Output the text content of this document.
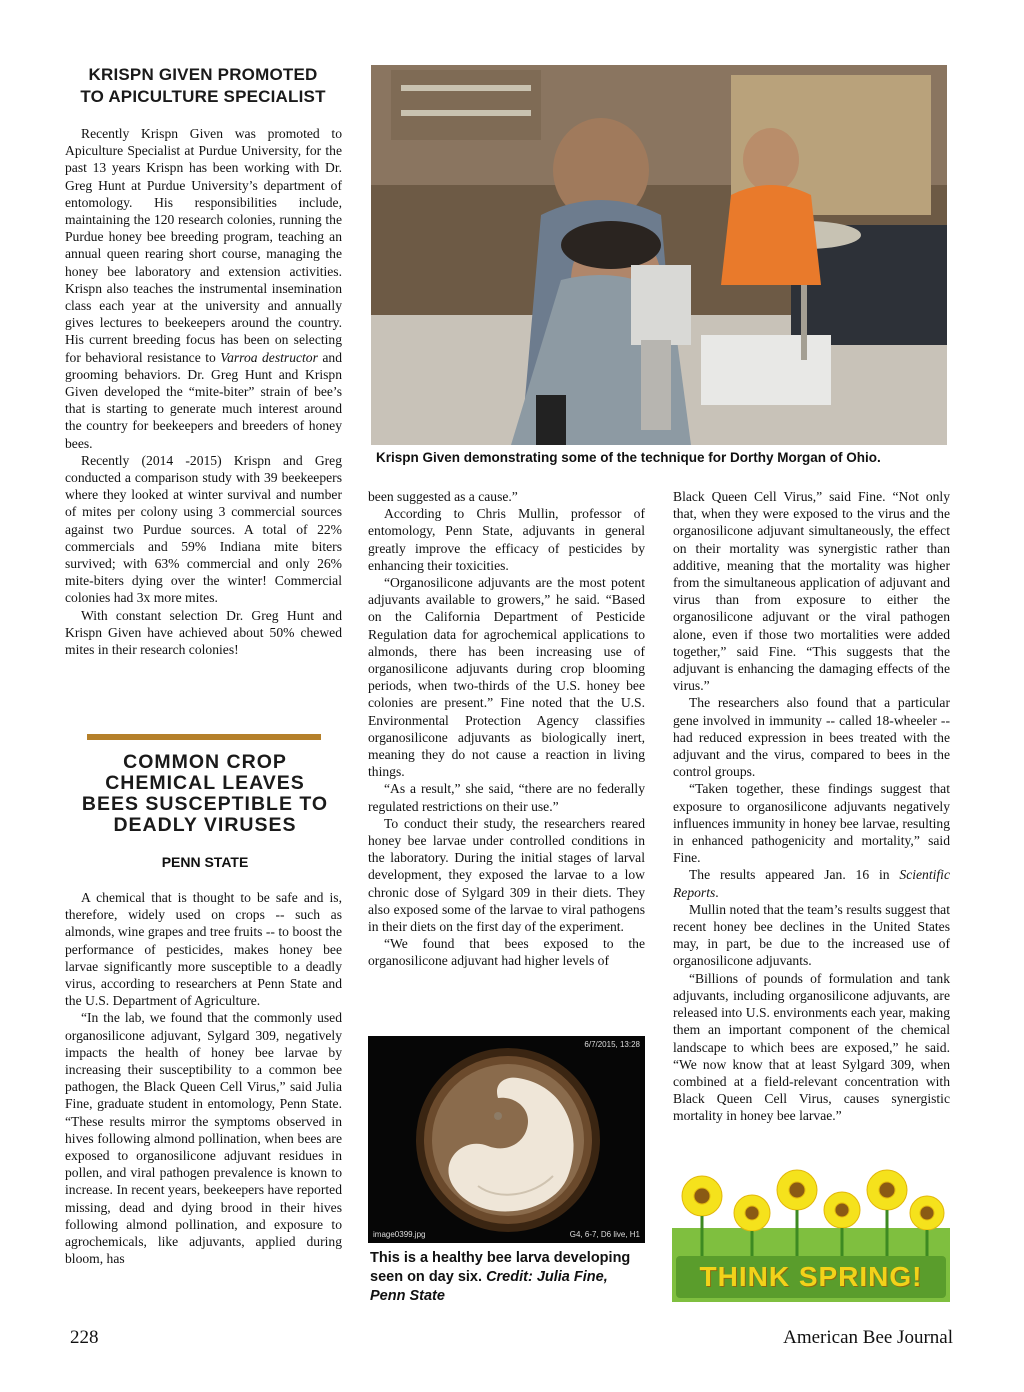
KRISPN GIVEN PROMOTED
TO APICULTURE SPECIALIST

Recently Krispn Given was promoted to Apiculture Specialist at Purdue University, for the past 13 years Krispn has been working with Dr. Greg Hunt at Purdue University’s department of entomology. His responsibilities include, maintaining the 120 research colonies, running the Purdue honey bee breeding program, teaching an annual queen rearing short course, managing the honey bee laboratory and extension activities. Krispn also teaches the instrumental insemination class each year at the university and annually gives lectures to beekeepers around the country. His current breeding focus has been on selecting for behavioral resistance to Varroa destructor and grooming behaviors. Dr. Greg Hunt and Krispn Given developed the “mite-biter” strain of bee’s that is starting to generate much interest around the country for beekeepers and breeders of honey bees.

Recently (2014 -2015) Krispn and Greg conducted a comparison study with 39 beekeepers where they looked at winter survival and number of mites per colony using 3 commercial sources against two Purdue sources. A total of 22% commercials and 59% Indiana mite biters survived; with 63% commercial and only 26% mite-biters dying over the winter! Commercial colonies had 3x more mites.

With constant selection Dr. Greg Hunt and Krispn Given have achieved about 50% chewed mites in their research colonies!

Krispn Given demonstrating some of the technique for Dorthy Morgan of Ohio.
COMMON CROP
CHEMICAL LEAVES
BEES SUSCEPTIBLE TO
DEADLY VIRUSES
PENN STATE

A chemical that is thought to be safe and is, therefore, widely used on crops -- such as almonds, wine grapes and tree fruits -- to boost the performance of pesticides, makes honey bee larvae significantly more susceptible to a deadly virus, according to researchers at Penn State and the U.S. Department of Agriculture.

“In the lab, we found that the commonly used organosilicone adjuvant, Sylgard 309, negatively impacts the health of honey bee larvae by increasing their susceptibility to a common bee pathogen, the Black Queen Cell Virus,” said Julia Fine, graduate student in entomology, Penn State. “These results mirror the symptoms observed in hives following almond pollination, when bees are exposed to organosilicone adjuvant residues in pollen, and viral pathogen prevalence is known to increase. In recent years, beekeepers have reported missing, dead and dying brood in their hives following almond pollination, and exposure to agrochemicals, like adjuvants, applied during bloom, has

been suggested as a cause.”

According to Chris Mullin, professor of entomology, Penn State, adjuvants in general greatly improve the efficacy of pesticides by enhancing their toxicities.

“Organosilicone adjuvants are the most potent adjuvants available to growers,” he said. “Based on the California Department of Pesticide Regulation data for agrochemical applications to almonds, there has been increasing use of organosilicone adjuvants during crop blooming periods, when two-thirds of the U.S. honey bee colonies are present.” Fine noted that the U.S. Environmental Protection Agency classifies organosilicone adjuvants as biologically inert, meaning they do not cause a reaction in living things.

“As a result,” she said, “there are no federally regulated restrictions on their use.”

To conduct their study, the researchers reared honey bee larvae under controlled conditions in the laboratory. During the initial stages of larval development, they exposed the larvae to a low chronic dose of Sylgard 309 in their diets. They also exposed some of the larvae to viral pathogens in their diets on the first day of the experiment.

“We found that bees exposed to the organosilicone adjuvant had higher levels of

6/7/2015, 13:28
image0399.jpg	G4, 6-7, D6 live, H1
This is a healthy bee larva developing seen on day six. Credit: Julia Fine, Penn State

Black Queen Cell Virus,” said Fine. “Not only that, when they were exposed to the virus and the organosilicone adjuvant simultaneously, the effect on their mortality was synergistic rather than additive, meaning that the mortality was higher from the simultaneous application of adjuvant and virus than from exposure to either the organosilicone adjuvant or the viral pathogen alone, even if those two mortalities were added together,” said Fine. “This suggests that the adjuvant is enhancing the damaging effects of the virus.”

The researchers also found that a particular gene involved in immunity -- called 18-wheeler -- had reduced expression in bees treated with the adjuvant and the virus, compared to bees in the control groups.

“Taken together, these findings suggest that exposure to organosilicone adjuvants negatively influences immunity in honey bee larvae, resulting in enhanced pathogenicity and mortality,” said Fine.

The results appeared Jan. 16 in Scientific Reports.

Mullin noted that the team’s results suggest that recent honey bee declines in the United States may, in part, be due to the increased use of organosilicone adjuvants.

“Billions of pounds of formulation and tank adjuvants, including organosilicone adjuvants, are released into U.S. environments each year, making them an important component of the chemical landscape to which bees are exposed,” he said. “We now know that at least Sylgard 309, when combined at a field-relevant concentration with Black Queen Cell Virus, causes synergistic mortality in honey bee larvae.”

THINK SPRING!
228	American Bee Journal
